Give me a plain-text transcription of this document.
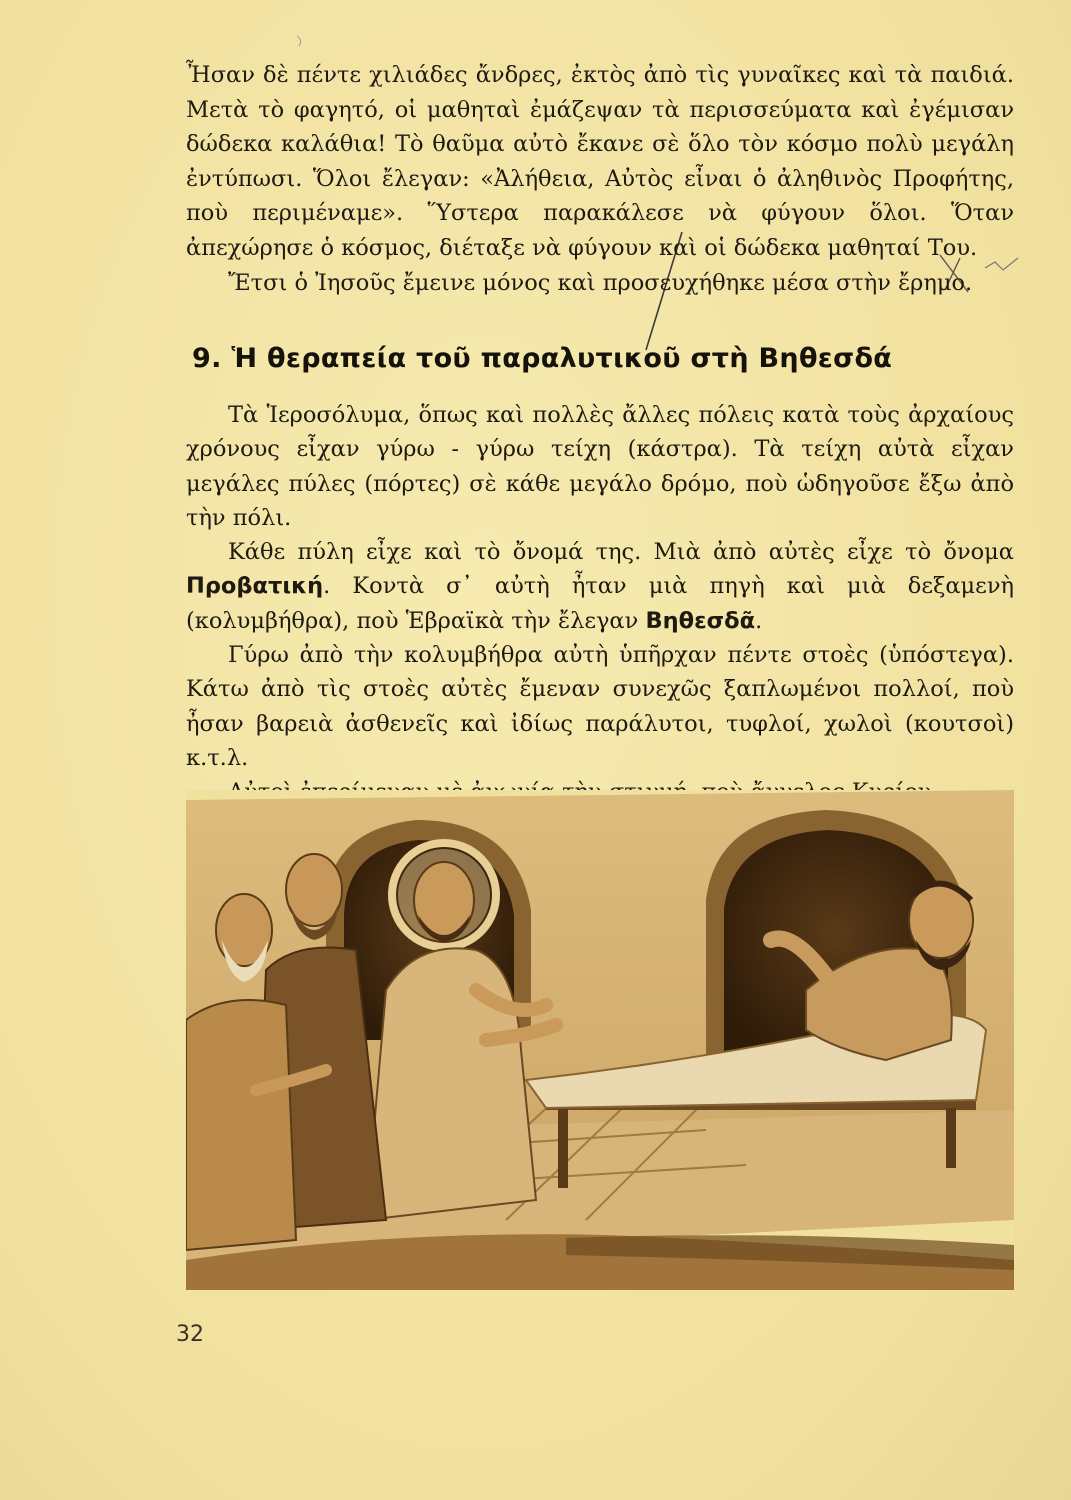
Ἦσαν δὲ πέντε χιλιάδες ἄνδρες, ἐκτὸς ἀπὸ τὶς γυναῖκες καὶ τὰ παιδιά. Μετὰ τὸ φαγητό, οἱ μαθηταὶ ἐμάζεψαν τὰ περισσεύματα καὶ ἐγέμισαν δώδεκα καλάθια! Τὸ θαῦμα αὐτὸ ἔκανε σὲ ὅλο τὸν κόσμο πολὺ μεγάλη ἐντύπωσι. Ὅλοι ἔλεγαν: «Ἀλήθεια, Αὐτὸς εἶναι ὁ ἀληθινὸς Προφήτης, ποὺ περιμέναμε». Ὕστερα παρακάλεσε νὰ φύγουν ὅλοι. Ὅταν ἀπεχώρησε ὁ κόσμος, διέταξε νὰ φύγουν καὶ οἱ δώδεκα μαθηταί Του.

Ἔτσι ὁ Ἰησοῦς ἔμεινε μόνος καὶ προσευχήθηκε μέσα στὴν ἔρημο.

9. Ἡ θεραπεία τοῦ παραλυτικοῦ στὴ Βηθεσδά

Τὰ Ἱεροσόλυμα, ὅπως καὶ πολλὲς ἄλλες πόλεις κατὰ τοὺς ἀρχαίους χρόνους εἶχαν γύρω - γύρω τείχη (κάστρα). Τὰ τείχη αὐτὰ εἶχαν μεγάλες πύλες (πόρτες) σὲ κάθε μεγάλο δρόμο, ποὺ ὡδηγοῦσε ἔξω ἀπὸ τὴν πόλι.

Κάθε πύλη εἶχε καὶ τὸ ὄνομά της. Μιὰ ἀπὸ αὐτὲς εἶχε τὸ ὄνομα Προβατική. Κοντὰ σ᾿ αὐτὴ ἦταν μιὰ πηγὴ καὶ μιὰ δεξαμενὴ (κολυμβήθρα), ποὺ Ἑβραϊκὰ τὴν ἔλεγαν Βηθεσδᾶ.

Γύρω ἀπὸ τὴν κολυμβήθρα αὐτὴ ὑπῆρχαν πέντε στοὲς (ὑπόστεγα). Κάτω ἀπὸ τὶς στοὲς αὐτὲς ἔμεναν συνεχῶς ξαπλωμένοι πολλοί, ποὺ ἦσαν βαρειὰ ἀσθενεῖς καὶ ἰδίως παράλυτοι, τυφλοί, χωλοὶ (κουτσοὶ) κ.τ.λ.

32
